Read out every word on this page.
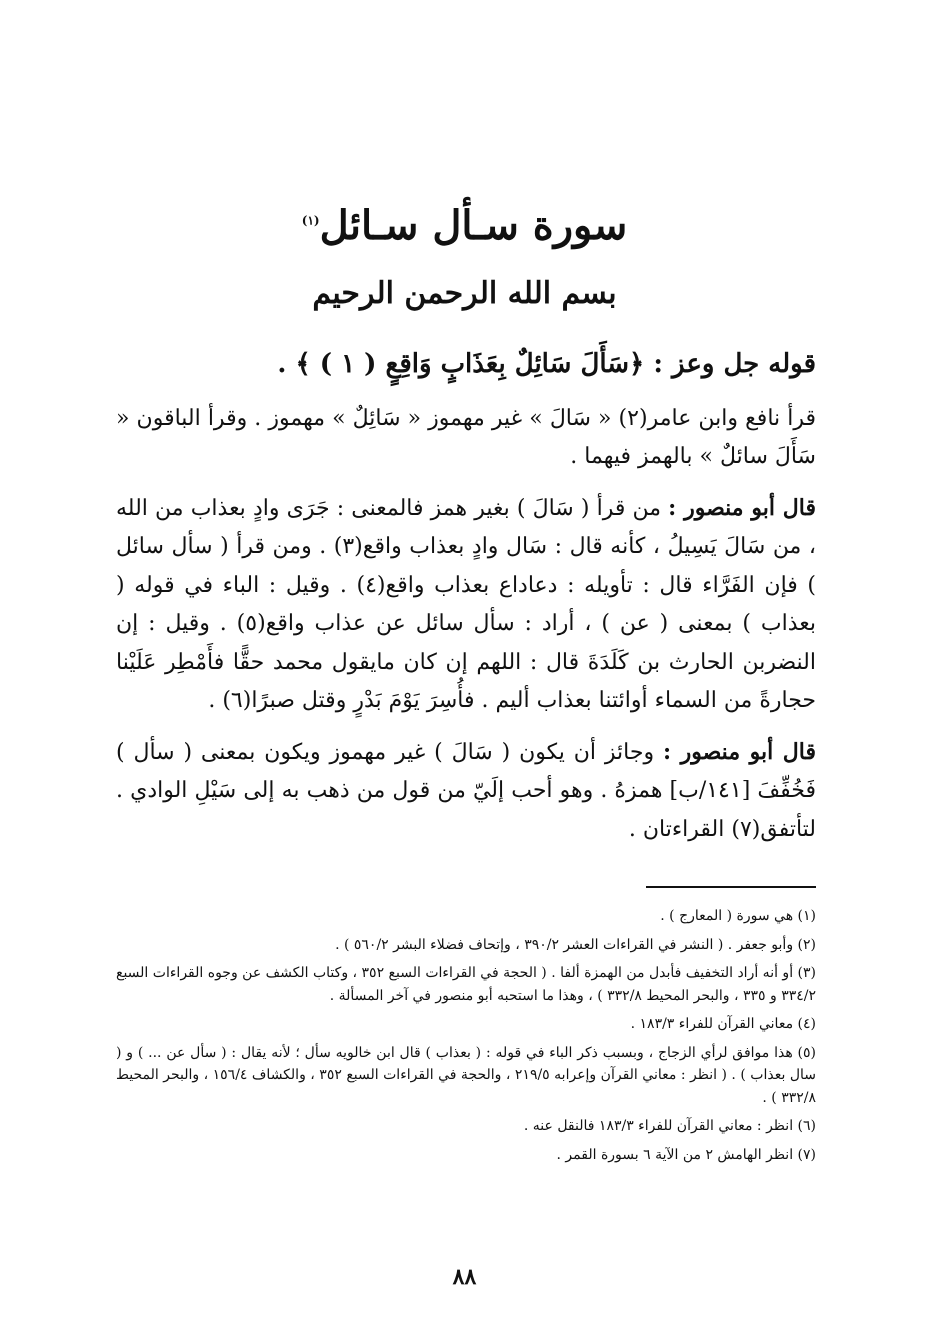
سورة سـأل سـائل$^{(١)}$
بسم الله الرحمن الرحيم

قوله جل وعز : ﴿سَأَلَ سَائِلٌ بِعَذَابٍ وَاقِعٍ ( ١ ) ﴾ .

قرأ نافع وابن عامر(٢) « سَالَ » غير مهموز « سَائِلٌ » مهموز . وقرأ الباقون « سَأَلَ سائلٌ » بالهمز فيهما .

قال أبو منصور : من قرأ ( سَالَ ) بغير همز فالمعنى : جَرَى وادٍ بعذاب من الله ، من سَالَ يَسِيلُ ، كأنه قال : سَال وادٍ بعذاب واقع(٣) . ومن قرأ ( سأل سائل ) فإن الفَرَّاء قال : تأويله : دعاداع بعذاب واقع(٤) . وقيل : الباء في قوله ( بعذاب ) بمعنى ( عن ) ، أراد : سأل سائل عن عذاب واقع(٥) . وقيل : إن النضربن الحارث بن كَلَدَةَ قال : اللهم إن كان مايقول محمد حقًّا فأَمْطِر عَلَيْنا حجارةً من السماء أوائتنا بعذاب أليم . فأُسِرَ يَوْمَ بَدْرٍ وقتل صبرًا(٦) .

قال أبو منصور : وجائز أن يكون ( سَالَ ) غير مهموز ويكون بمعنى ( سأل ) فَخُفِّفَ [١٤١/ب] همزهُ . وهو أحب إلَيّ من قول من ذهب به إلى سَيْلِ الوادي . لتأتفق(٧) القراءتان .

(١) هي سورة ( المعارج ) .

(٢) وأبو جعفر . ( النشر في القراءات العشر ٣٩٠/٢ ، وإتحاف فضلاء البشر ٥٦٠/٢ ) .

(٣) أو أنه أراد التخفيف فأبدل من الهمزة ألفا . ( الحجة في القراءات السبع ٣٥٢ ، وكتاب الكشف عن وجوه القراءات السبع ٣٣٤/٢ و ٣٣٥ ، والبحر المحيط ٣٣٢/٨ ) ، وهذا ما استحبه أبو منصور في آخر المسألة .

(٤) معاني القرآن للفراء ١٨٣/٣ .

(٥) هذا موافق لرأي الزجاج ، وبسبب ذكر الباء في قوله : ( بعذاب ) قال ابن خالويه سأل ؛ لأنه يقال : ( سأل عن ... ) و ( سال بعذاب ) . ( انظر : معاني القرآن وإعرابه ٢١٩/٥ ، والحجة في القراءات السبع ٣٥٢ ، والكشاف ١٥٦/٤ ، والبحر المحيط ٣٣٢/٨ ) .

(٦) انظر : معاني القرآن للفراء ١٨٣/٣ فالنقل عنه .

(٧) انظر الهامش ٢ من الآية ٦ بسورة القمر .

٨٨
